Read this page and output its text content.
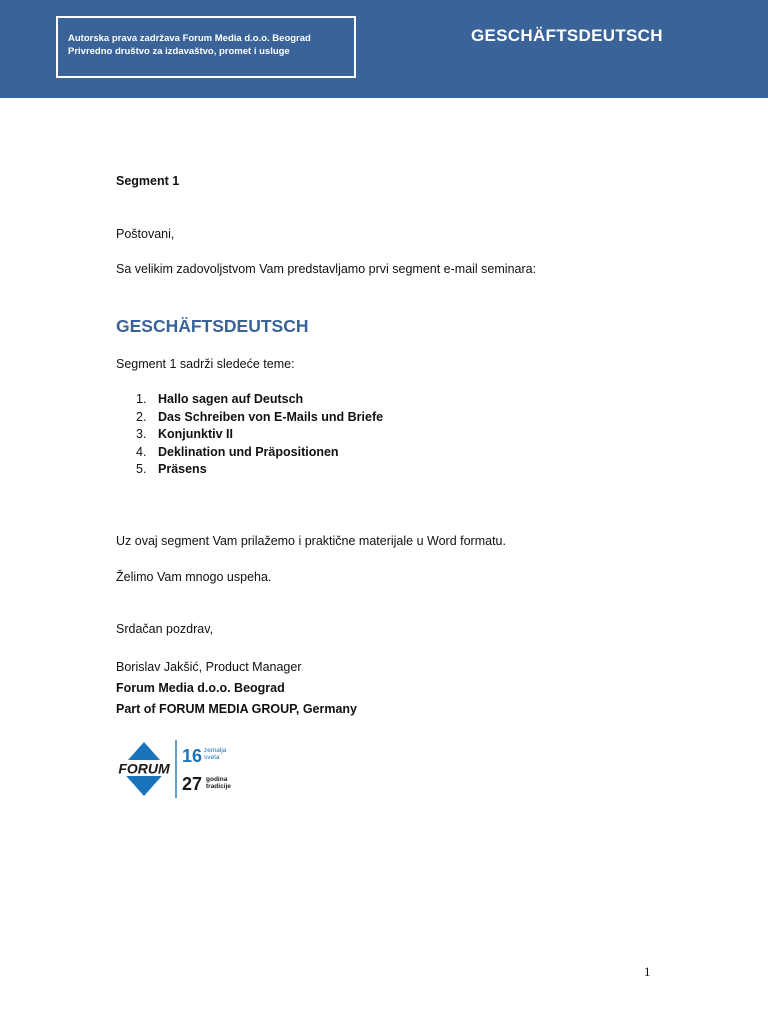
Autorska prava zadržava Forum Media d.o.o. Beograd
Privredno društvo za izdavaštvo, promet i usluge
GESCHÄFTSDEUTSCH
Segment 1
Poštovani,
Sa velikim zadovoljstvom Vam predstavljamo prvi segment e-mail seminara:
GESCHÄFTSDEUTSCH
Segment 1 sadrži sledeće teme:
1. Hallo sagen auf Deutsch
2. Das Schreiben von E-Mails und Briefe
3. Konjunktiv II
4. Deklination und Präpositionen
5. Präsens
Uz ovaj segment Vam prilažemo i praktične materijale u Word formatu.
Želimo Vam mnogo uspeha.
Srdačan pozdrav,
Borislav Jakšić, Product Manager
Forum Media d.o.o. Beograd
Part of FORUM MEDIA GROUP, Germany
FORUM
16 zemalja
sveta
27 godina
tradicije
1
